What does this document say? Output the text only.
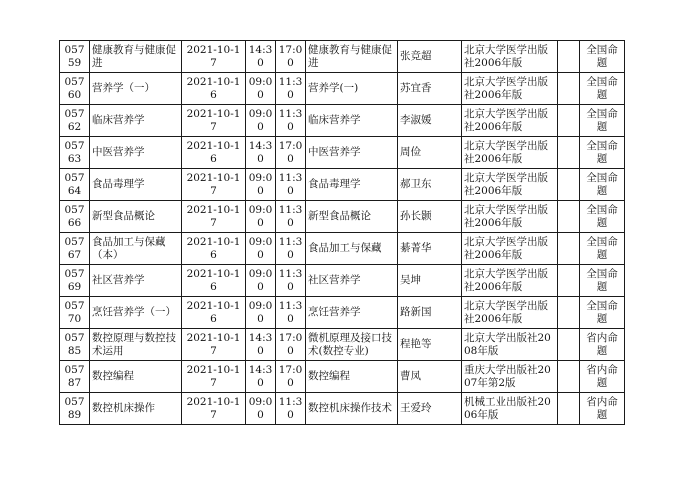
05759	健康教育与健康促进	2021-10-17	14:30	17:00	健康教育与健康促进	张竞超	北京大学医学出版社2006年版		全国命题
05760	营养学（一）	2021-10-16	09:00	11:30	营养学(一)	苏宜香	北京大学医学出版社2006年版		全国命题
05762	临床营养学	2021-10-17	09:00	11:30	临床营养学	李淑媛	北京大学医学出版社2006年版		全国命题
05763	中医营养学	2021-10-16	14:30	17:00	中医营养学	周俭	北京大学医学出版社2006年版		全国命题
05764	食品毒理学	2021-10-17	09:00	11:30	食品毒理学	郝卫东	北京大学医学出版社2006年版		全国命题
05766	新型食品概论	2021-10-17	09:00	11:30	新型食品概论	孙长颢	北京大学医学出版社2006年版		全国命题
05767	食品加工与保藏（本）	2021-10-16	09:00	11:30	食品加工与保藏	綦菁华	北京大学医学出版社2006年版		全国命题
05769	社区营养学	2021-10-16	09:00	11:30	社区营养学	吴坤	北京大学医学出版社2006年版		全国命题
05770	烹饪营养学（一）	2021-10-16	09:00	11:30	烹饪营养学	路新国	北京大学医学出版社2006年版		全国命题
05785	数控原理与数控技术运用	2021-10-17	14:30	17:00	微机原理及接口技术(数控专业)	程艳等	北京大学出版社2008年版		省内命题
05787	数控编程	2021-10-17	14:30	17:00	数控编程	曹凤	重庆大学出版社2007年第2版		省内命题
05789	数控机床操作	2021-10-17	09:00	11:30	数控机床操作技术	王爱玲	机械工业出版社2006年版		省内命题
